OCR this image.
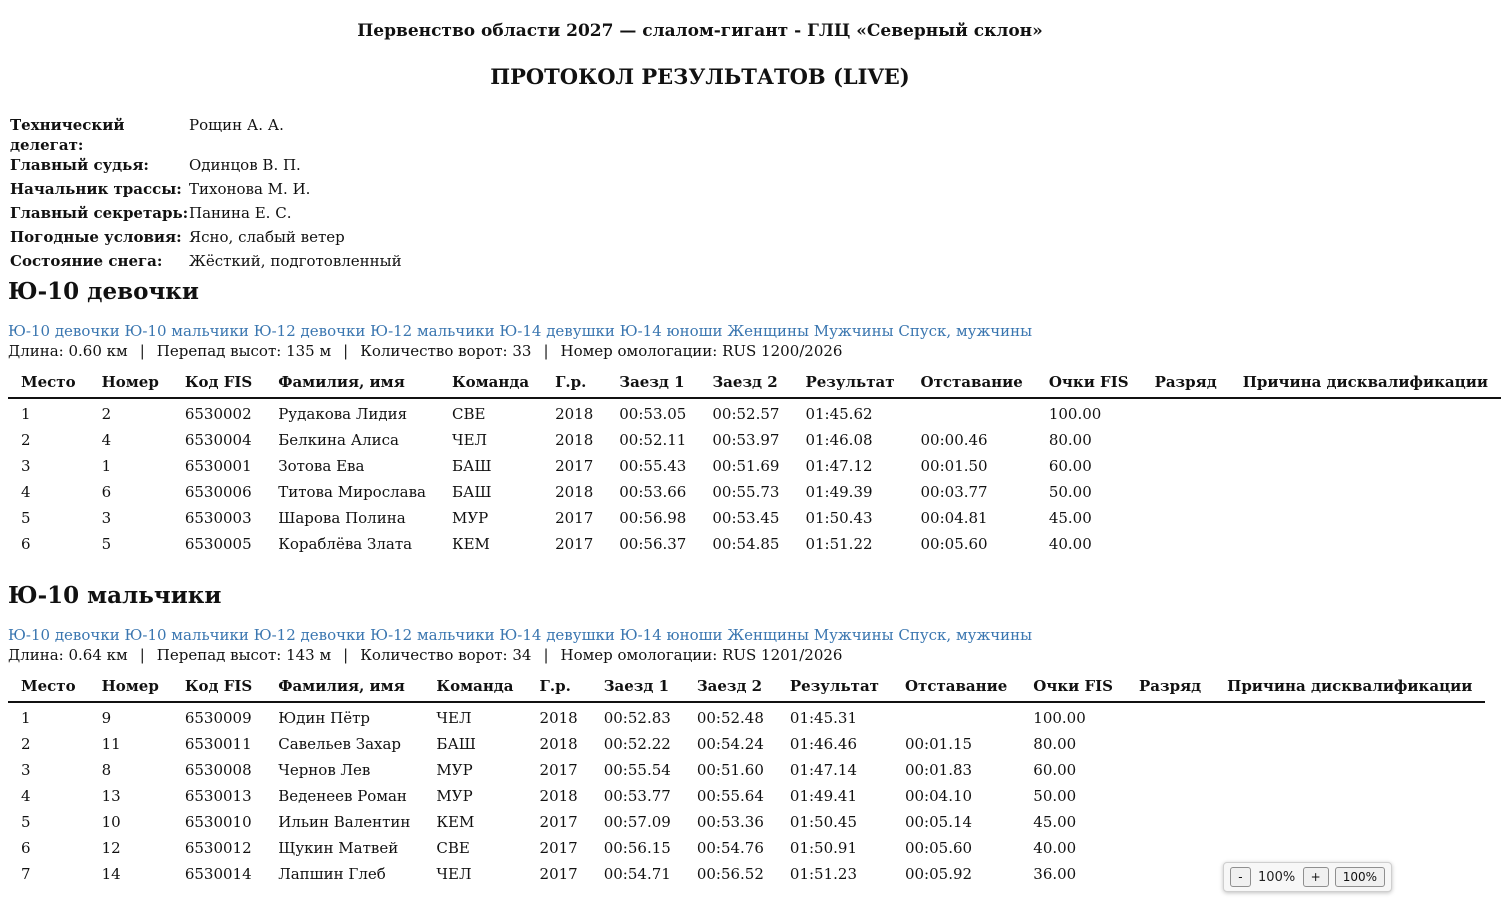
Первенство области 2027 — слалом-гигант - ГЛЦ «Северный склон»
ПРОТОКОЛ РЕЗУЛЬТАТОВ (LIVE)
Технический делегат:	Рощин А. А.
Главный судья:	Одинцов В. П.
Начальник трассы:	Тихонова М. И.
Главный секретарь:	Панина Е. С.
Погодные условия:	Ясно, слабый ветер
Состояние снега:	Жёсткий, подготовленный
Ю-10 девочки
Ю-10 девочки Ю-10 мальчики Ю-12 девочки Ю-12 мальчики Ю-14 девушки Ю-14 юноши Женщины Мужчины Спуск, мужчины
Длина: 0.60 км | Перепад высот: 135 м | Количество ворот: 33 | Номер омологации: RUS 1200/2026
Место	Номер	Код FIS	Фамилия, имя	Команда	Г.р.	Заезд 1	Заезд 2	Результат	Отставание	Очки FIS	Разряд	Причина дисквалификации
1	2	6530002	Рудакова Лидия	СВЕ	2018	00:53.05	00:52.57	01:45.62		100.00		
2	4	6530004	Белкина Алиса	ЧЕЛ	2018	00:52.11	00:53.97	01:46.08	00:00.46	80.00		
3	1	6530001	Зотова Ева	БАШ	2017	00:55.43	00:51.69	01:47.12	00:01.50	60.00		
4	6	6530006	Титова Мирослава	БАШ	2018	00:53.66	00:55.73	01:49.39	00:03.77	50.00		
5	3	6530003	Шарова Полина	МУР	2017	00:56.98	00:53.45	01:50.43	00:04.81	45.00		
6	5	6530005	Кораблёва Злата	КЕМ	2017	00:56.37	00:54.85	01:51.22	00:05.60	40.00		
Ю-10 мальчики
Ю-10 девочки Ю-10 мальчики Ю-12 девочки Ю-12 мальчики Ю-14 девушки Ю-14 юноши Женщины Мужчины Спуск, мужчины
Длина: 0.64 км | Перепад высот: 143 м | Количество ворот: 34 | Номер омологации: RUS 1201/2026
Место	Номер	Код FIS	Фамилия, имя	Команда	Г.р.	Заезд 1	Заезд 2	Результат	Отставание	Очки FIS	Разряд	Причина дисквалификации
1	9	6530009	Юдин Пётр	ЧЕЛ	2018	00:52.83	00:52.48	01:45.31		100.00		
2	11	6530011	Савельев Захар	БАШ	2018	00:52.22	00:54.24	01:46.46	00:01.15	80.00		
3	8	6530008	Чернов Лев	МУР	2017	00:55.54	00:51.60	01:47.14	00:01.83	60.00		
4	13	6530013	Веденеев Роман	МУР	2018	00:53.77	00:55.64	01:49.41	00:04.10	50.00		
5	10	6530010	Ильин Валентин	КЕМ	2017	00:57.09	00:53.36	01:50.45	00:05.14	45.00		
6	12	6530012	Щукин Матвей	СВЕ	2017	00:56.15	00:54.76	01:50.91	00:05.60	40.00		
7	14	6530014	Лапшин Глеб	ЧЕЛ	2017	00:54.71	00:56.52	01:51.23	00:05.92	36.00			-	100%	+	100%
